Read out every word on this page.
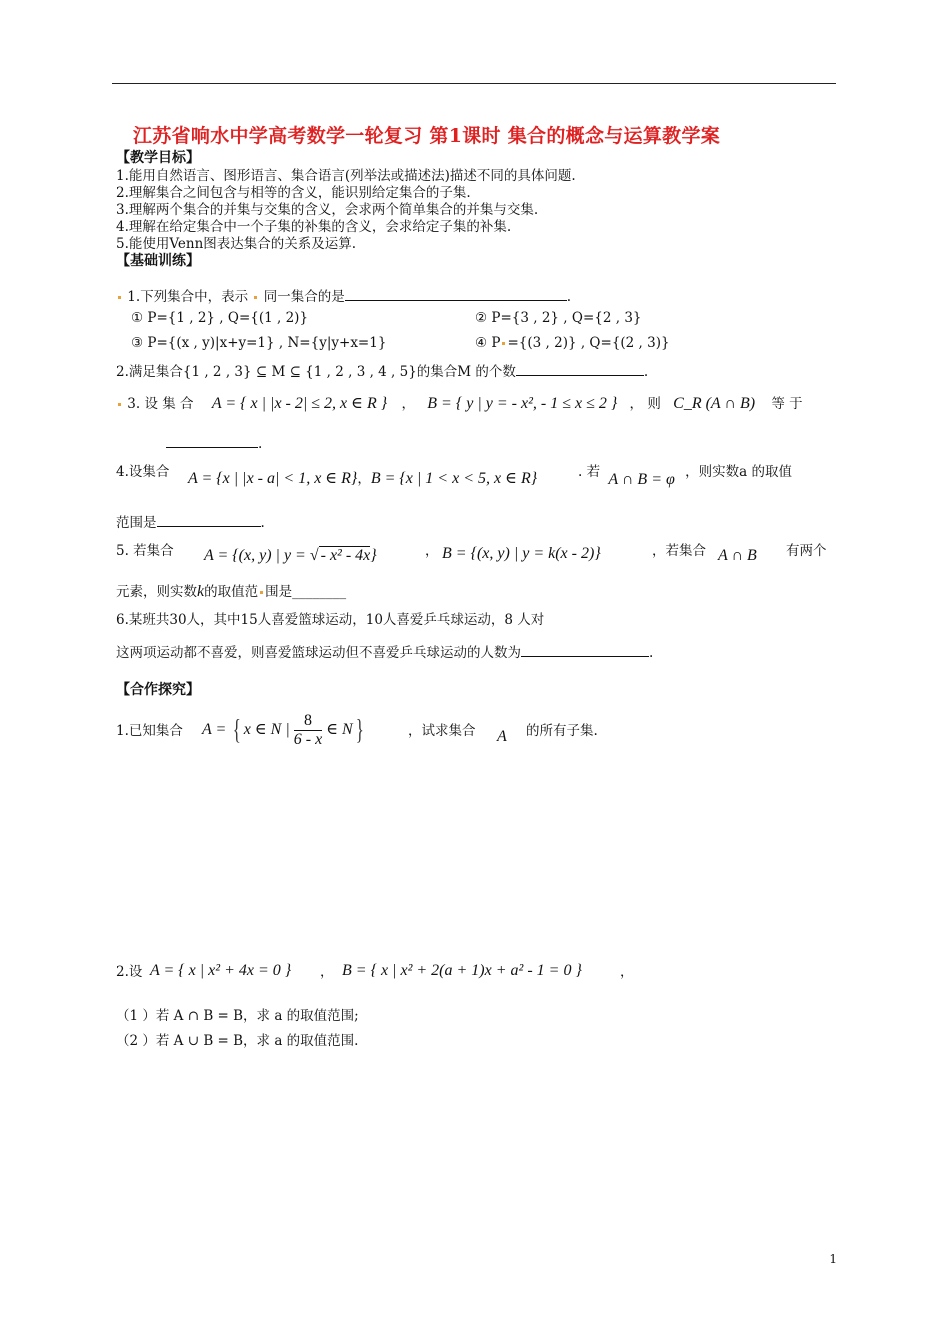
江苏省响水中学高考数学一轮复习 第1课时 集合的概念与运算教学案
【教学目标】
1.能用自然语言、图形语言、集合语言(列举法或描述法)描述不同的具体问题.
2.理解集合之间包含与相等的含义，能识别给定集合的子集.
3.理解两个集合的并集与交集的含义，会求两个简单集合的并集与交集.
4.理解在给定集合中一个子集的补集的含义，会求给定子集的补集.
5.能使用Venn图表达集合的关系及运算.
【基础训练】
1.下列集合中，表示 同一集合的是	.
① P={1 , 2} , Q={(1 , 2)}	② P={3 , 2} , Q={2 , 3}
③ P={(x , y)|x+y=1} , N={y|y+x=1}	④ P ={(3 , 2)} , Q={(2 , 3)}
2.满足集合{1 , 2 , 3} ⊆ M ⊆ {1 , 2 , 3 , 4 , 5}的集合M 的个数	.
3. 设 集 合 A = { x | |x - 2| ≤ 2, x ∈ R } ， B = { y | y = - x², - 1 ≤ x ≤ 2 } ， 则 C_R (A ∩ B) 等 于
.
4.设集合 A = {x | |x - a| < 1, x ∈ R}，B = {x | 1 < x < 5, x ∈ R}	. 若 A ∩ B = φ ，则实数a 的取值
范围是	.
5. 若集合 A = {(x, y) | y = √ - x² - 4x}	， B = {(x, y) | y = k(x - 2)}	，若集合 A ∩ B 有两个
元素，则实数k的取值范 围是________
6.某班共30人，其中15人喜爱篮球运动，10人喜爱乒乓球运动，8 人对
这两项运动都不喜爱，则喜爱篮球运动但不喜爱乒乓球运动的人数为	.
【合作探究】
1.已知集合 A = { x ∈ N | $\frac{8}{6 - x}$ ∈ N}	，试求集合 A 的所有子集.
2.设 A = { x | x² + 4x = 0 } ， B = { x | x² + 2(a + 1)x + a² - 1 = 0 }	，
（1 ）若 A ∩ B = B，求 a 的取值范围;
（2 ）若 A ∪ B = B，求 a 的取值范围.
1
